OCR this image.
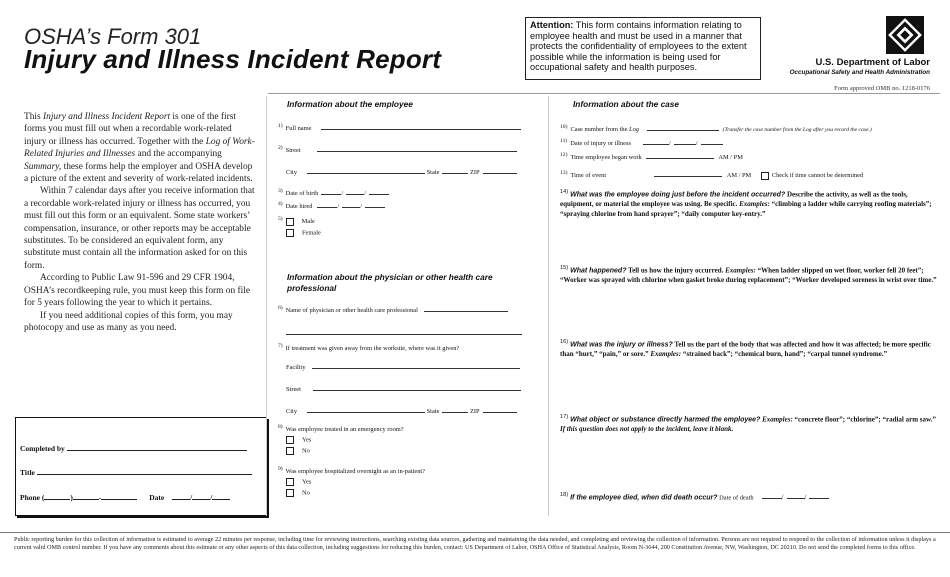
OSHA’s Form 301
Injury and Illness Incident Report
Attention: This form contains information relating to employee health and must be used in a manner that protects the confidentiality of employees to the extent possible while the information is being used for occupational safety and health purposes.	U.S. Department of Labor
Occupational Safety and Health Administration
Form approved OMB no. 1218-0176

This Injury and Illness Incident Report is one of the first forms you must fill out when a recordable work-related injury or illness has occurred. Together with the Log of Work-Related Injuries and Illnesses and the accompanying Summary, these forms help the employer and OSHA develop a picture of the extent and severity of work-related incidents.

Within 7 calendar days after you receive information that a recordable work-related injury or illness has occurred, you must fill out this form or an equivalent. Some state workers’ compensation, insurance, or other reports may be acceptable substitutes. To be considered an equivalent form, any substitute must contain all the information asked for on this form.

According to Public Law 91-596 and 29 CFR 1904, OSHA’s recordkeeping rule, you must keep this form on file for 5 years following the year to which it pertains.

If you need additional copies of this form, you may photocopy and use as many as you need.

Completed by
Title
Phone (	)	-	Date	/ /
Information about the employee
1) Full name
2) Street
City	State	ZIP
3) Date of birth	/	/
4) Date hired	/	/
5)	Male
Female
Information about the physician or other health care professional
6) Name of physician or other health care professional
7) If treatment was given away from the worksite, where was it given?
Facility
Street
City	State	ZIP
8) Was employee treated in an emergency room?
Yes
No
9) Was employee hospitalized overnight as an in-patient?
Yes
No
Information about the case
10) Case number from the Log	(Transfer the case number from the Log after you record the case.)
11) Date of injury or illness	/	/
12) Time employee began work	AM / PM
13) Time of event	AM / PM	Check if time cannot be determined
$^{14)}$ What was the employee doing just before the incident occurred? Describe the activity, as well as the tools, equipment, or material the employee was using. Be specific. Examples: “climbing a ladder while carrying roofing materials”; “spraying chlorine from hand sprayer”; “daily computer key-entry.”
$^{15)}$ What happened? Tell us how the injury occurred. Examples: “When ladder slipped on wet floor, worker fell 20 feet”; “Worker was sprayed with chlorine when gasket broke during replacement”; “Worker developed soreness in wrist over time.”
$^{16)}$ What was the injury or illness? Tell us the part of the body that was affected and how it was affected; be more specific than “hurt,” “pain,” or sore.” Examples: “strained back”; “chemical burn, hand”; “carpal tunnel syndrome.”
$^{17)}$ What object or substance directly harmed the employee? Examples: “concrete floor”; “chlorine”; “radial arm saw.” If this question does not apply to the incident, leave it blank.
$^{18)}$ If the employee died, when did death occur? Date of death	/	/
Public reporting burden for this collection of information is estimated to average 22 minutes per response, including time for reviewing instructions, searching existing data sources, gathering and maintaining the data needed, and completing and reviewing the collection of information. Persons are not required to respond to the collection of information unless it displays a current valid OMB control number. If you have any comments about this estimate or any other aspects of this data collection, including suggestions for reducing this burden, contact: US Department of Labor, OSHA Office of Statistical Analysis, Room N-3644, 200 Constitution Avenue, NW, Washington, DC 20210. Do not send the completed forms to this office.
